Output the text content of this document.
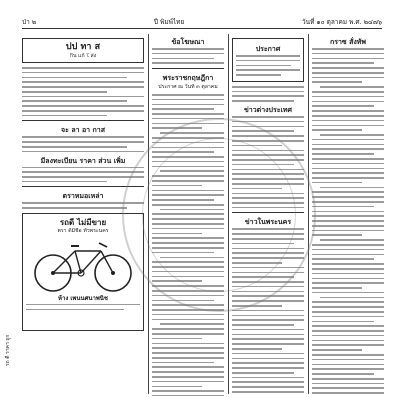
ป่า ๒	ปี พิมพ์ไทย	วันที่ ๑๐ ตุลาคม พ.ศ. ๒๔๗๖
ปป ทา ส
กิน แก้ ใ ส่ง
จะ ลา อา กาส
มีลงทะเบียน ราคา ส่วน เพิ่ม
ตราหมอเหล่า
รถดี ไม่มีขาย
ตรา ดีมีชื่อ ทั่วพระนคร
ห้าง เพนนศนาพนิช
ข้อโฆษณา
พระราชกฤษฎีกา
ประกาศ ณ วันที่ ๓ ตุลาคม
ประกาศ
ข่าวต่างประเทศ
ข่าวในพระนคร
กราซ สั่งทัพ
รถ ดี ราคา ถูก
